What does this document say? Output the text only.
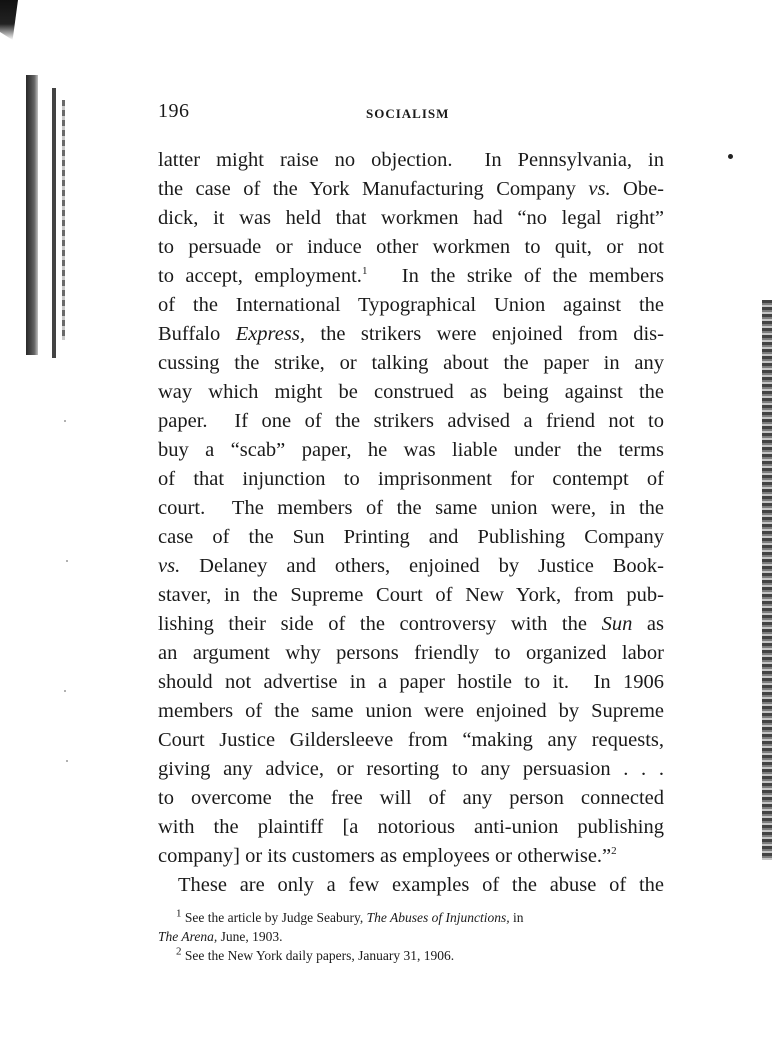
196	SOCIALISM
latter might raise no objection.  In Pennsylvania, in
the case of the York Manufacturing Company vs. Obe-
dick, it was held that workmen had “no legal right”
to persuade or induce other workmen to quit, or not
to accept, employment.$^1$   In the strike of the members
of the International Typographical Union against the
Buffalo Express, the strikers were enjoined from dis-
cussing the strike, or talking about the paper in any
way which might be construed as being against the
paper.  If one of the strikers advised a friend not to
buy a “scab” paper, he was liable under the terms
of that injunction to imprisonment for contempt of
court.  The members of the same union were, in the
case of the Sun Printing and Publishing Company
vs. Delaney and others, enjoined by Justice Book-
staver, in the Supreme Court of New York, from pub-
lishing their side of the controversy with the Sun as
an argument why persons friendly to organized labor
should not advertise in a paper hostile to it.  In 1906
members of the same union were enjoined by Supreme
Court Justice Gildersleeve from “making any requests,
giving any advice, or resorting to any persuasion . . .
to overcome the free will of any person connected
with the plaintiff [a notorious anti-union publishing
company] or its customers as employees or otherwise.”$^2$
These are only a few examples of the abuse of the
$^1$ See the article by Judge Seabury, The Abuses of Injunctions, in
The Arena, June, 1903.
$^2$ See the New York daily papers, January 31, 1906.
